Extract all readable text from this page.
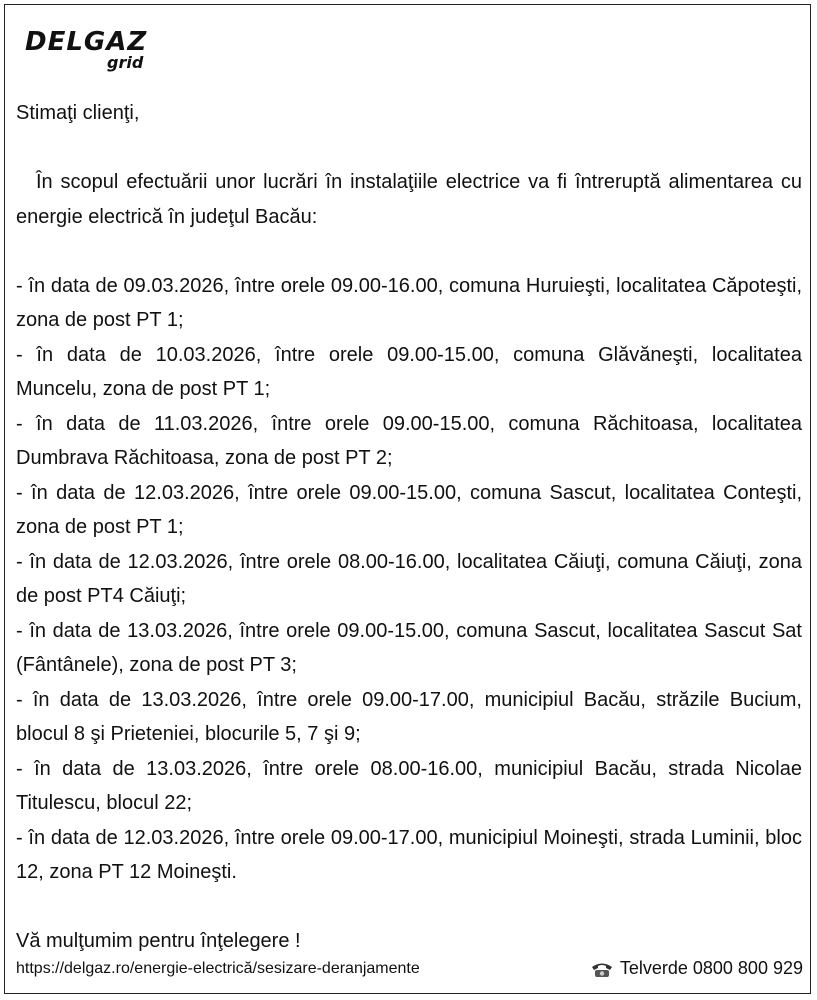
DELGAZ
grid

Stimaţi clienţi,

În scopul efectuării unor lucrări în instalaţiile electrice va fi întreruptă alimentarea cu energie electrică în judeţul Bacău:

- în data de 09.03.2026, între orele 09.00-16.00, comuna Huruieşti, localitatea Căpoteşti, zona de post PT 1;
- în data de 10.03.2026, între orele 09.00-15.00, comuna Glăvăneşti, localitatea Muncelu, zona de post PT 1;
- în data de 11.03.2026, între orele 09.00-15.00, comuna Răchitoasa, localitatea Dumbrava Răchitoasa, zona de post PT 2;
- în data de 12.03.2026, între orele 09.00-15.00, comuna Sascut, localitatea Conteşti, zona de post PT 1;
- în data de 12.03.2026, între orele 08.00-16.00, localitatea Căiuţi, comuna Căiuţi, zona de post PT4 Căiuţi;
- în data de 13.03.2026, între orele 09.00-15.00, comuna Sascut, localitatea Sascut Sat (Fântânele), zona de post PT 3;
- în data de 13.03.2026, între orele 09.00-17.00, municipiul Bacău, străzile Bucium, blocul 8 şi Prieteniei, blocurile 5, 7 şi 9;
- în data de 13.03.2026, între orele 08.00-16.00, municipiul Bacău, strada Nicolae Titulescu, blocul 22;
- în data de 12.03.2026, între orele 09.00-17.00, municipiul Moineşti, strada Luminii, bloc 12, zona PT 12 Moineşti.

Vă mulţumim pentru înţelegere !

https://delgaz.ro/energie-electrică/sesizare-deranjamente	Telverde 0800 800 929
